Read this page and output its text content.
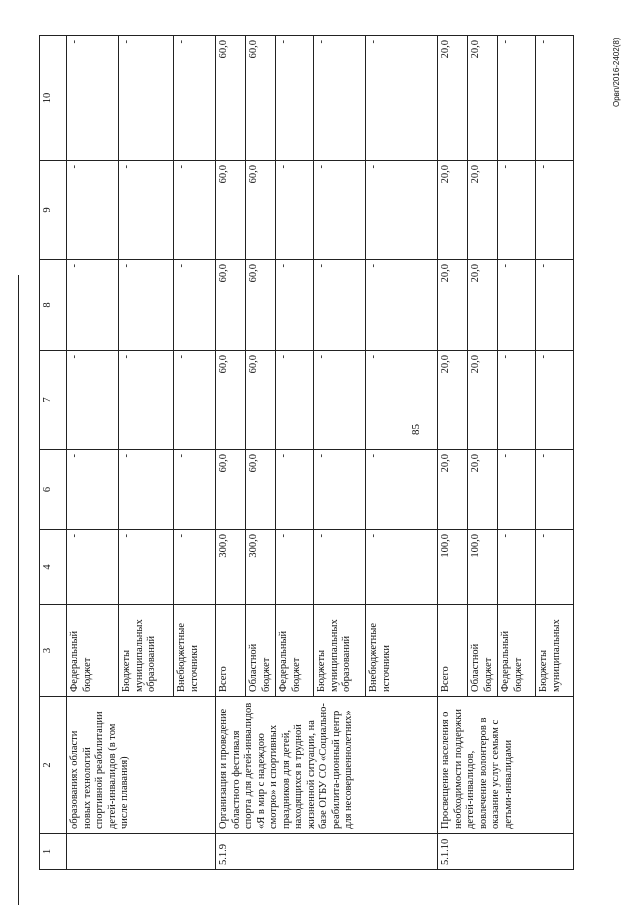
85
Орвп/2016-2402(8)
1	2	3	4	6	7	8	9	10
	образованиях области новых технологий спортивной реабилитации детей-инвалидов (в том числе плавания)	Федеральный бюджет	-	-	-	-	-	-
		Бюджеты муниципальных образований	-	-	-	-	-	-
		Внебюджетные источники	-	-	-	-	-	-
5.1.9	Организация и проведение областного фестиваля спорта для детей-инвалидов «Я в мир с надеждою смотрю» и спортивных праздников для детей, находящихся в трудной жизненной ситуации, на базе ОГБУ СО «Социально-реабилита-ционный центр для несовершеннолетних»	Всего	300,0	60,0	60,0	60,0	60,0	60,0
		Областной бюджет	300,0	60,0	60,0	60,0	60,0	60,0
		Федеральный бюджет	-	-	-	-	-	-
		Бюджеты муниципальных образований	-	-	-	-	-	-
		Внебюджетные источники	-	-	-	-	-	-
5.1.10	Просвещение населения о необходимости поддержки детей-инвалидов, вовлечение волонтеров в оказание услуг семьям с детьми-инвалидами	Всего	100,0	20,0	20,0	20,0	20,0	20,0
		Областной бюджет	100,0	20,0	20,0	20,0	20,0	20,0
		Федеральный бюджет	-	-	-	-	-	-
		Бюджеты муниципальных	-	-	-	-	-	-
